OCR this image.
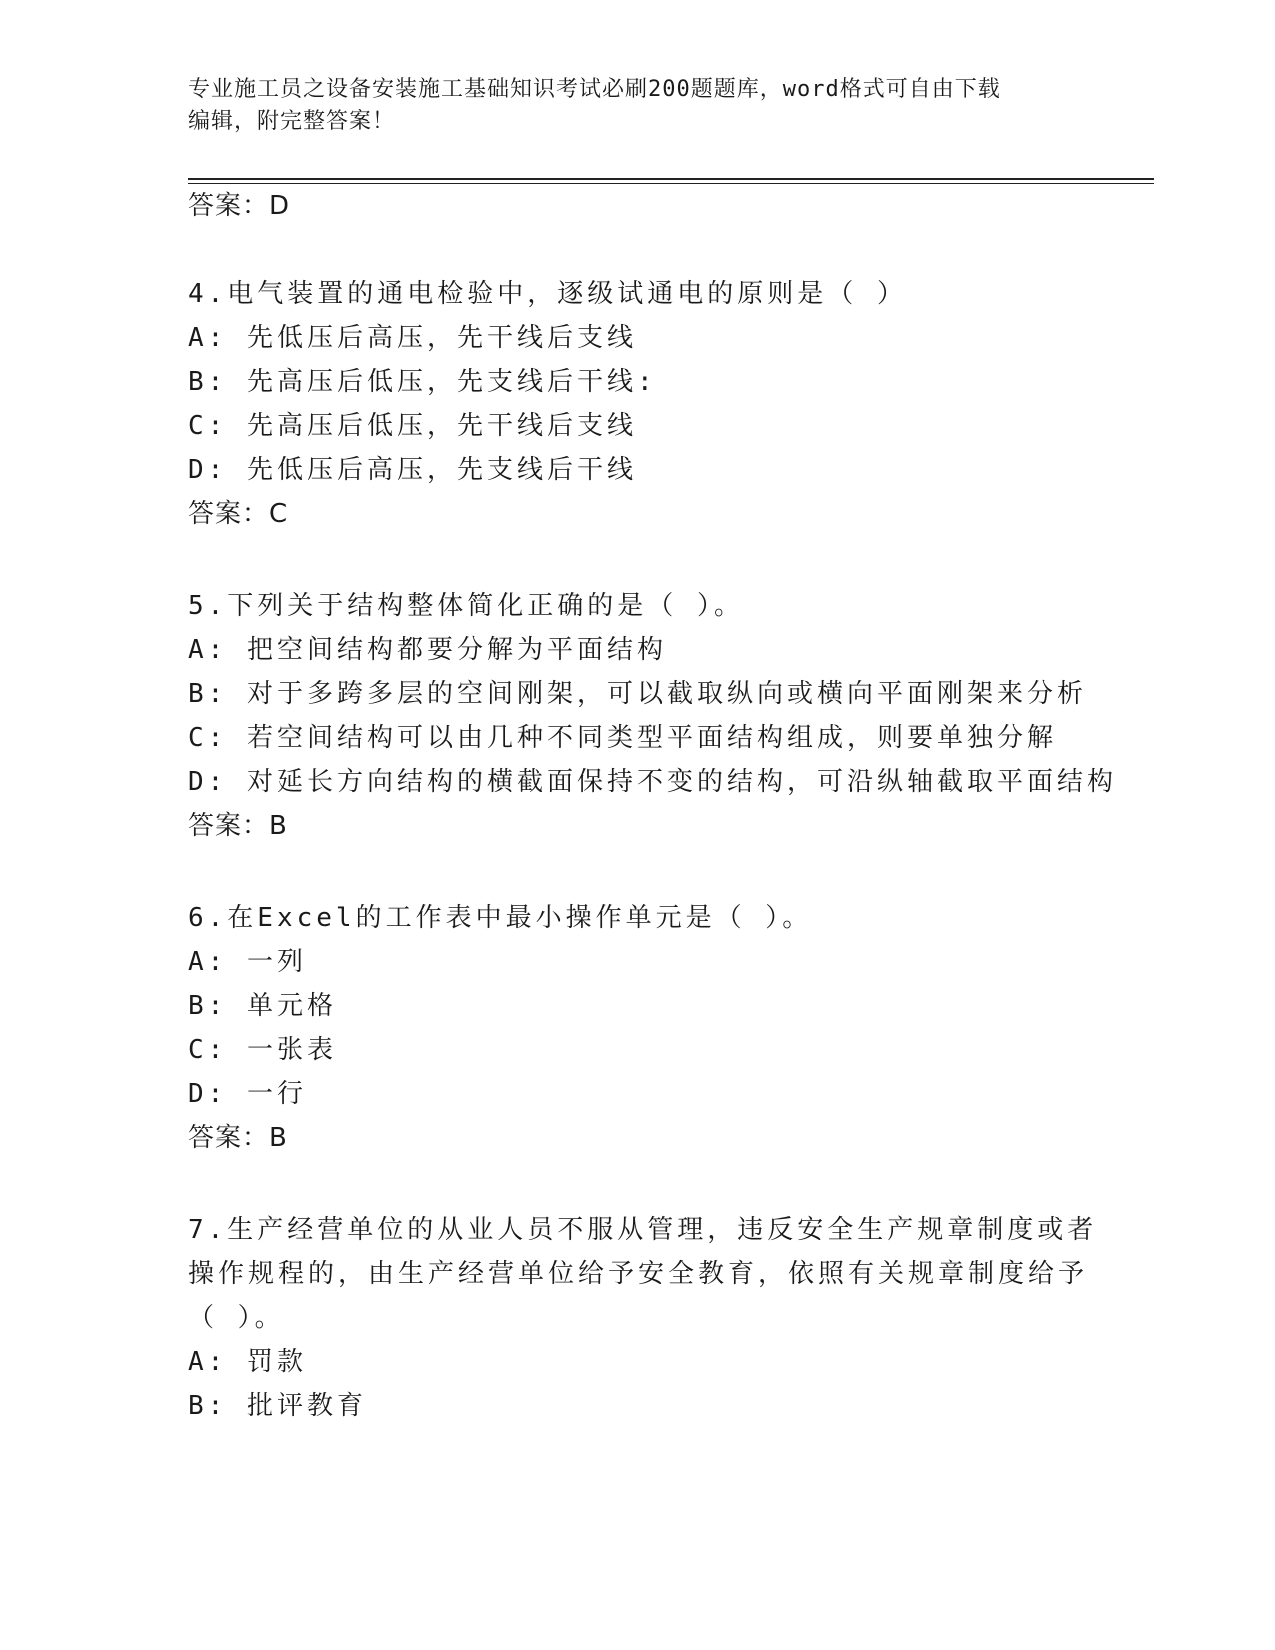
专业施工员之设备安装施工基础知识考试必刷200题题库，word格式可自由下载
编辑，附完整答案！
答案：D
4.电气装置的通电检验中，逐级试通电的原则是（ ）
A: 先低压后高压，先干线后支线
B: 先高压后低压，先支线后干线:
C: 先高压后低压，先干线后支线
D: 先低压后高压，先支线后干线
答案：C
5.下列关于结构整体简化正确的是（ ）。
A: 把空间结构都要分解为平面结构
B: 对于多跨多层的空间刚架，可以截取纵向或横向平面刚架来分析
C: 若空间结构可以由几种不同类型平面结构组成，则要单独分解
D: 对延长方向结构的横截面保持不变的结构，可沿纵轴截取平面结构
答案：B
6.在Excel的工作表中最小操作单元是（ ）。
A: 一列
B: 单元格
C: 一张表
D: 一行
答案：B
7.生产经营单位的从业人员不服从管理，违反安全生产规章制度或者
操作规程的，由生产经营单位给予安全教育，依照有关规章制度给予
（ ）。
A: 罚款
B: 批评教育
